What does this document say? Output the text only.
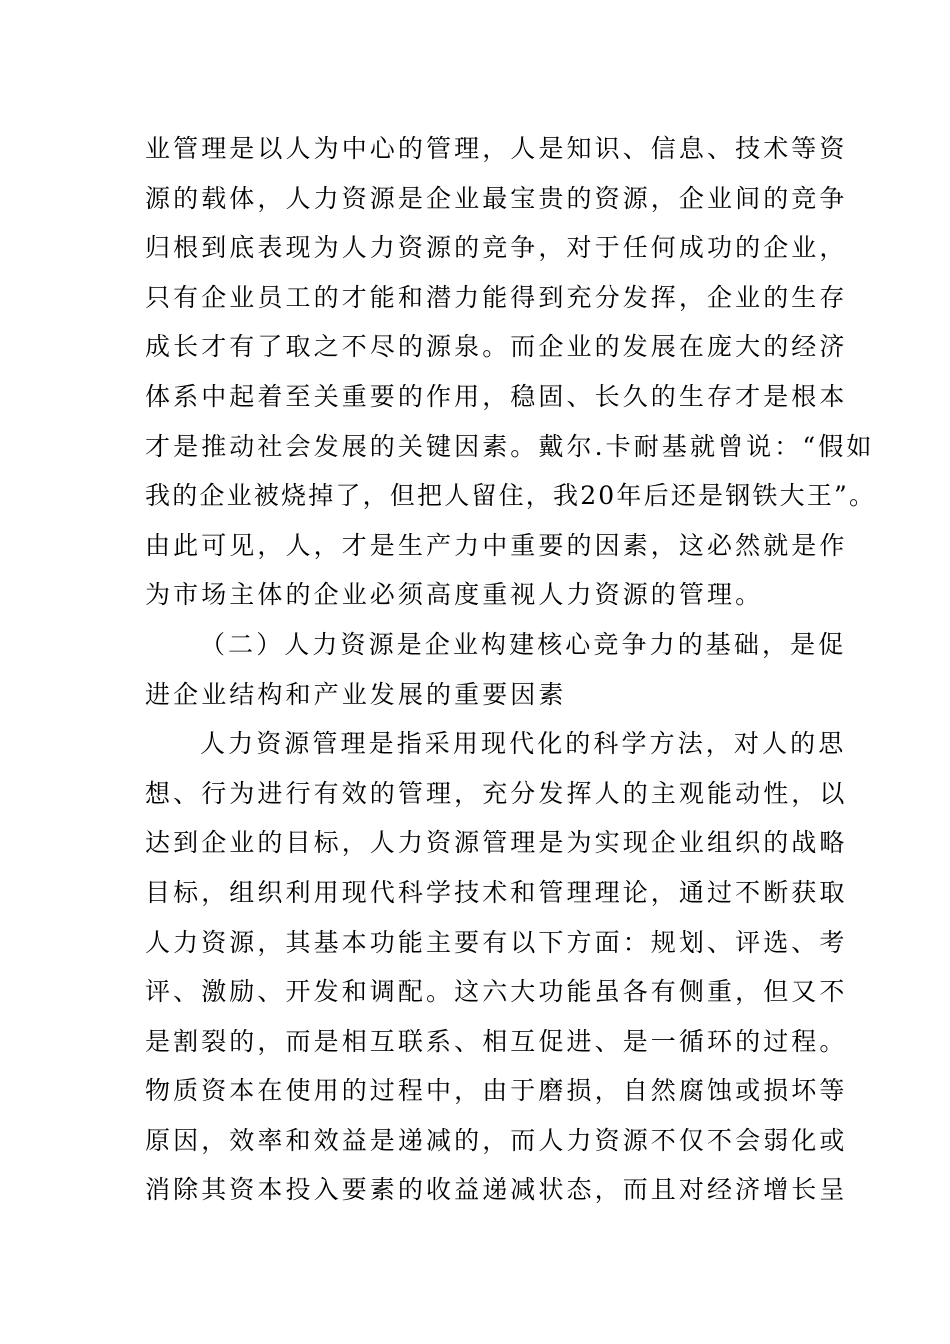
业管理是以人为中心的管理，人是知识、信息、技术等资
源的载体，人力资源是企业最宝贵的资源，企业间的竞争
归根到底表现为人力资源的竞争，对于任何成功的企业，
只有企业员工的才能和潜力能得到充分发挥，企业的生存
成长才有了取之不尽的源泉。而企业的发展在庞大的经济
体系中起着至关重要的作用，稳固、长久的生存才是根本
才是推动社会发展的关键因素。戴尔.卡耐基就曾说：“假如
我的企业被烧掉了，但把人留住，我20年后还是钢铁大王”。
由此可见，人，才是生产力中重要的因素，这必然就是作
为市场主体的企业必须高度重视人力资源的管理。
（二）人力资源是企业构建核心竞争力的基础，是促
进企业结构和产业发展的重要因素
人力资源管理是指采用现代化的科学方法，对人的思
想、行为进行有效的管理，充分发挥人的主观能动性，以
达到企业的目标，人力资源管理是为实现企业组织的战略
目标，组织利用现代科学技术和管理理论，通过不断获取
人力资源，其基本功能主要有以下方面：规划、评选、考
评、激励、开发和调配。这六大功能虽各有侧重，但又不
是割裂的，而是相互联系、相互促进、是一循环的过程。
物质资本在使用的过程中，由于磨损，自然腐蚀或损坏等
原因，效率和效益是递减的，而人力资源不仅不会弱化或
消除其资本投入要素的收益递减状态，而且对经济增长呈
